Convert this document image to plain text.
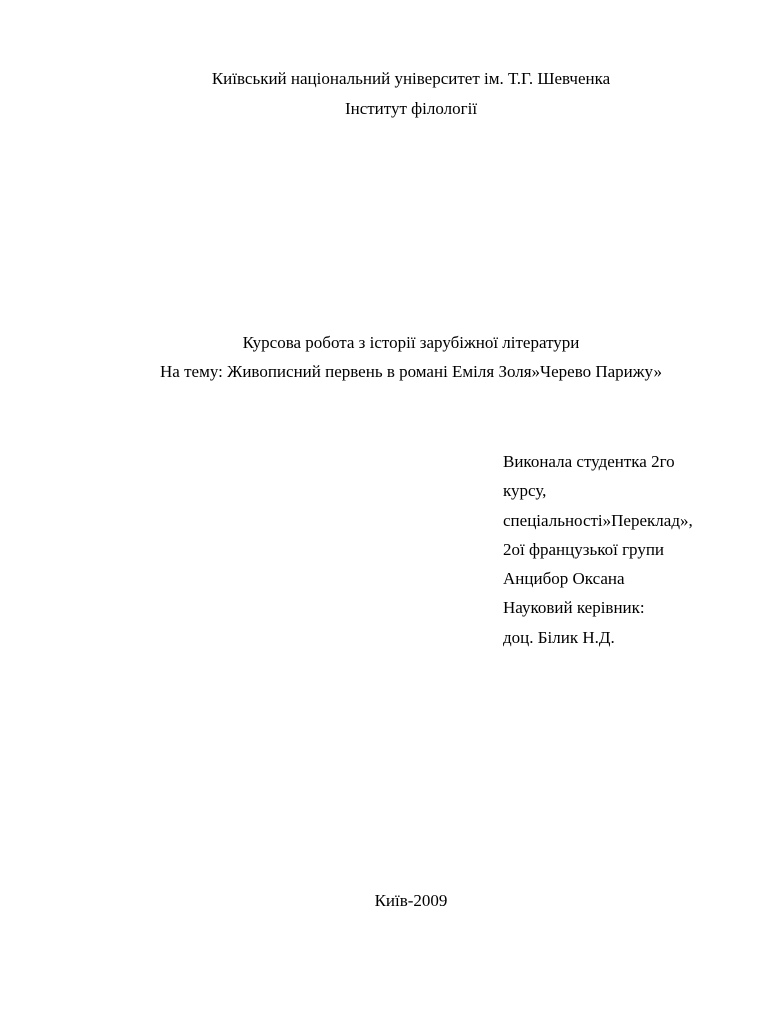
Київський національний університет ім. Т.Г. Шевченка
Інститут філології
Курсова робота з історії зарубіжної літератури
На тему: Живописний первень в романі Еміля Золя»Черево Парижу»
Виконала студентка 2го
курсу,
спеціальності»Переклад»,
2ої французької групи
Анцибор Оксана
Науковий керівник:
доц. Білик Н.Д.
Київ-2009
